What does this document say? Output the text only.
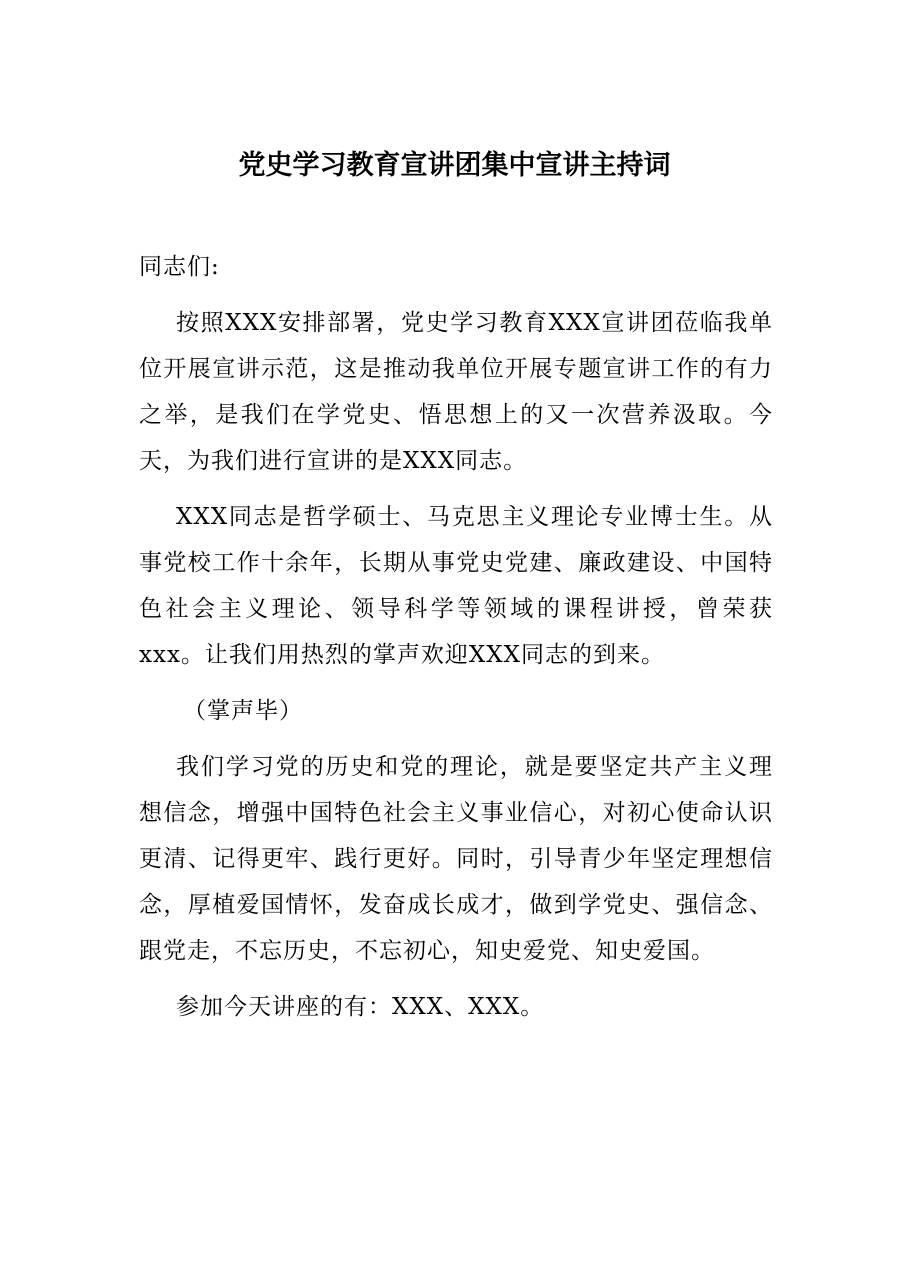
党史学习教育宣讲团集中宣讲主持词

同志们:

按照XXX安排部署，党史学习教育XXX宣讲团莅临我单位开展宣讲示范，这是推动我单位开展专题宣讲工作的有力之举，是我们在学党史、悟思想上的又一次营养汲取。今天，为我们进行宣讲的是XXX同志。

XXX同志是哲学硕士、马克思主义理论专业博士生。从事党校工作十余年，长期从事党史党建、廉政建设、中国特色社会主义理论、领导科学等领域的课程讲授，曾荣获xxx。让我们用热烈的掌声欢迎XXX同志的到来。

（掌声毕）

我们学习党的历史和党的理论，就是要坚定共产主义理想信念，增强中国特色社会主义事业信心，对初心使命认识更清、记得更牢、践行更好。同时，引导青少年坚定理想信念，厚植爱国情怀，发奋成长成才，做到学党史、强信念、跟党走，不忘历史，不忘初心，知史爱党、知史爱国。

参加今天讲座的有：XXX、XXX。
